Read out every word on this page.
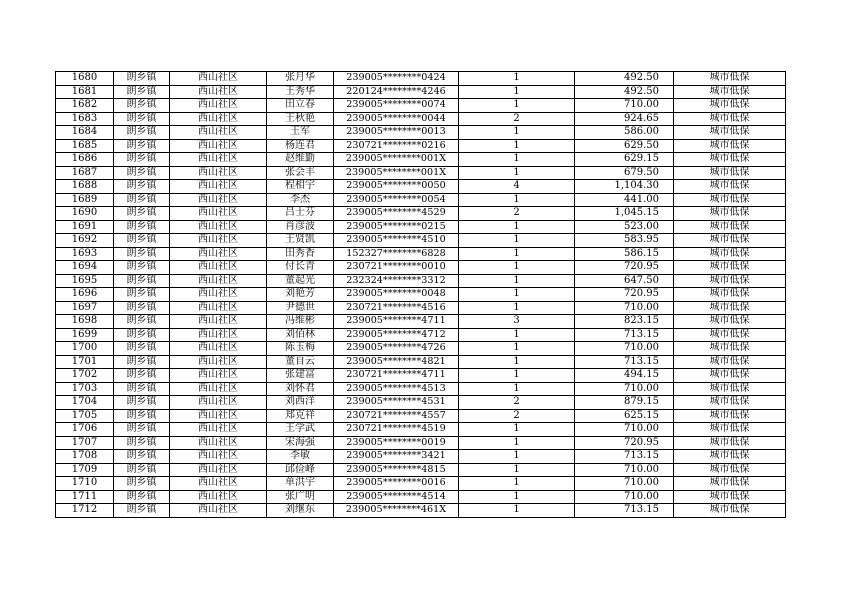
1680	朗乡镇	西山社区	张月华	239005********0424	1	492.50	城市低保
1681	朗乡镇	西山社区	王秀华	220124********4246	1	492.50	城市低保
1682	朗乡镇	西山社区	田立春	239005********0074	1	710.00	城市低保
1683	朗乡镇	西山社区	王秋艳	239005********0044	2	924.65	城市低保
1684	朗乡镇	西山社区	王军	239005********0013	1	586.00	城市低保
1685	朗乡镇	西山社区	杨连君	230721********0216	1	629.50	城市低保
1686	朗乡镇	西山社区	赵维勤	239005********001X	1	629.15	城市低保
1687	朗乡镇	西山社区	张会丰	239005********001X	1	679.50	城市低保
1688	朗乡镇	西山社区	程相宇	239005********0050	4	1,104.30	城市低保
1689	朗乡镇	西山社区	李杰	239005********0054	1	441.00	城市低保
1690	朗乡镇	西山社区	吕士芬	239005********4529	2	1,045.15	城市低保
1691	朗乡镇	西山社区	肖彦波	239005********0215	1	523.00	城市低保
1692	朗乡镇	西山社区	王贤凯	239005********4510	1	583.95	城市低保
1693	朗乡镇	西山社区	田秀香	152327********6828	1	586.15	城市低保
1694	朗乡镇	西山社区	付长青	230721********0010	1	720.95	城市低保
1695	朗乡镇	西山社区	董起光	232324********3312	1	647.50	城市低保
1696	朗乡镇	西山社区	刘艳芳	239005********0048	1	720.95	城市低保
1697	朗乡镇	西山社区	尹德世	230721********4516	1	710.00	城市低保
1698	朗乡镇	西山社区	冯维彬	239005********4711	3	823.15	城市低保
1699	朗乡镇	西山社区	刘佰林	239005********4712	1	713.15	城市低保
1700	朗乡镇	西山社区	陈玉梅	239005********4726	1	710.00	城市低保
1701	朗乡镇	西山社区	董自云	239005********4821	1	713.15	城市低保
1702	朗乡镇	西山社区	张建富	230721********4711	1	494.15	城市低保
1703	朗乡镇	西山社区	刘怀君	239005********4513	1	710.00	城市低保
1704	朗乡镇	西山社区	刘西洋	239005********4531	2	879.15	城市低保
1705	朗乡镇	西山社区	郑克祥	230721********4557	2	625.15	城市低保
1706	朗乡镇	西山社区	王学武	230721********4519	1	710.00	城市低保
1707	朗乡镇	西山社区	宋海强	239005********0019	1	720.95	城市低保
1708	朗乡镇	西山社区	李敏	239005********3421	1	713.15	城市低保
1709	朗乡镇	西山社区	邱俭峰	239005********4815	1	710.00	城市低保
1710	朗乡镇	西山社区	单洪宇	239005********0016	1	710.00	城市低保
1711	朗乡镇	西山社区	张广明	239005********4514	1	710.00	城市低保
1712	朗乡镇	西山社区	刘继东	239005********461X	1	713.15	城市低保
